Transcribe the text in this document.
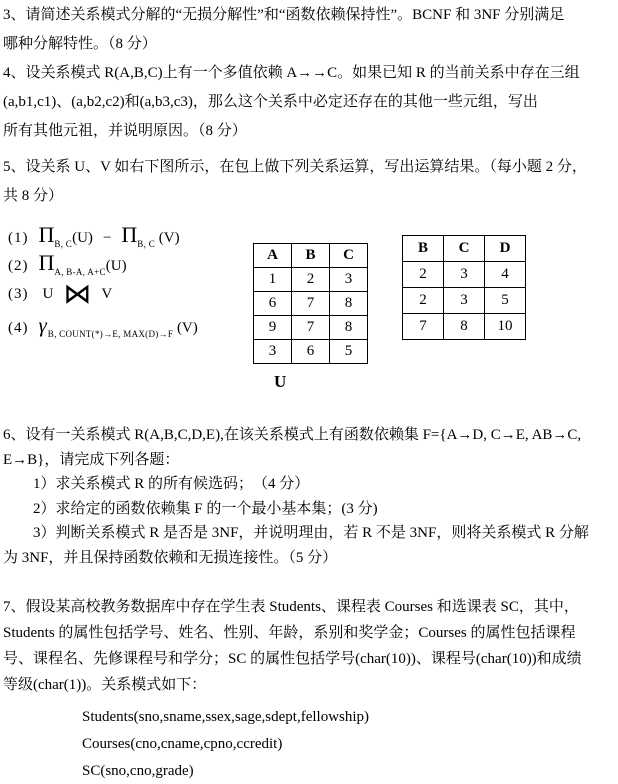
3、请简述关系模式分解的“无损分解性”和“函数依赖保持性”。BCNF 和 3NF 分别满足
哪种分解特性。（8 分）
4、设关系模式 R(A,B,C)上有一个多值依赖 A→→C。如果已知 R 的当前关系中存在三组
(a,b1,c1)、(a,b2,c2)和(a,b3,c3)，那么这个关系中必定还存在的其他一些元组，写出
所有其他元祖，并说明原因。（8 分）
5、设关系 U、V 如右下图所示，在包上做下列关系运算，写出运算结果。（每小题 2 分，
共 8 分）
(1) $\Pi_{B, C}(U) - \Pi_{B, C}$ (V)
(2) $\Pi_{A, B-A, A+C}(U)$
(3) U ⋈ V
(4) $\gamma_{B, COUNT(*)\to E, MAX(D)\to F}$ (V)
A	B	C
1	2	3
6	7	8
9	7	8
3	6	5
U
B	C	D
2	3	4
2	3	5
7	8	10
6、设有一关系模式 R(A,B,C,D,E),在该关系模式上有函数依赖集 F={A→D, C→E, AB→C,
E→B}，请完成下列各题：
1）求关系模式 R 的所有候选码；　（4 分）
2）求给定的函数依赖集 F 的一个最小基本集；(3 分)
3）判断关系模式 R 是否是 3NF，并说明理由，若 R 不是 3NF，则将关系模式 R 分解
为 3NF，并且保持函数依赖和无损连接性。（5 分）
7、假设某高校教务数据库中存在学生表 Students、课程表 Courses 和选课表 SC，其中，
Students 的属性包括学号、姓名、性别、年龄，系别和奖学金；Courses 的属性包括课程
号、课程名、先修课程号和学分；SC 的属性包括学号(char(10))、课程号(char(10))和成绩
等级(char(1))。关系模式如下：
Students(sno,sname,ssex,sage,sdept,fellowship)
Courses(cno,cname,cpno,ccredit)
SC(sno,cno,grade)
